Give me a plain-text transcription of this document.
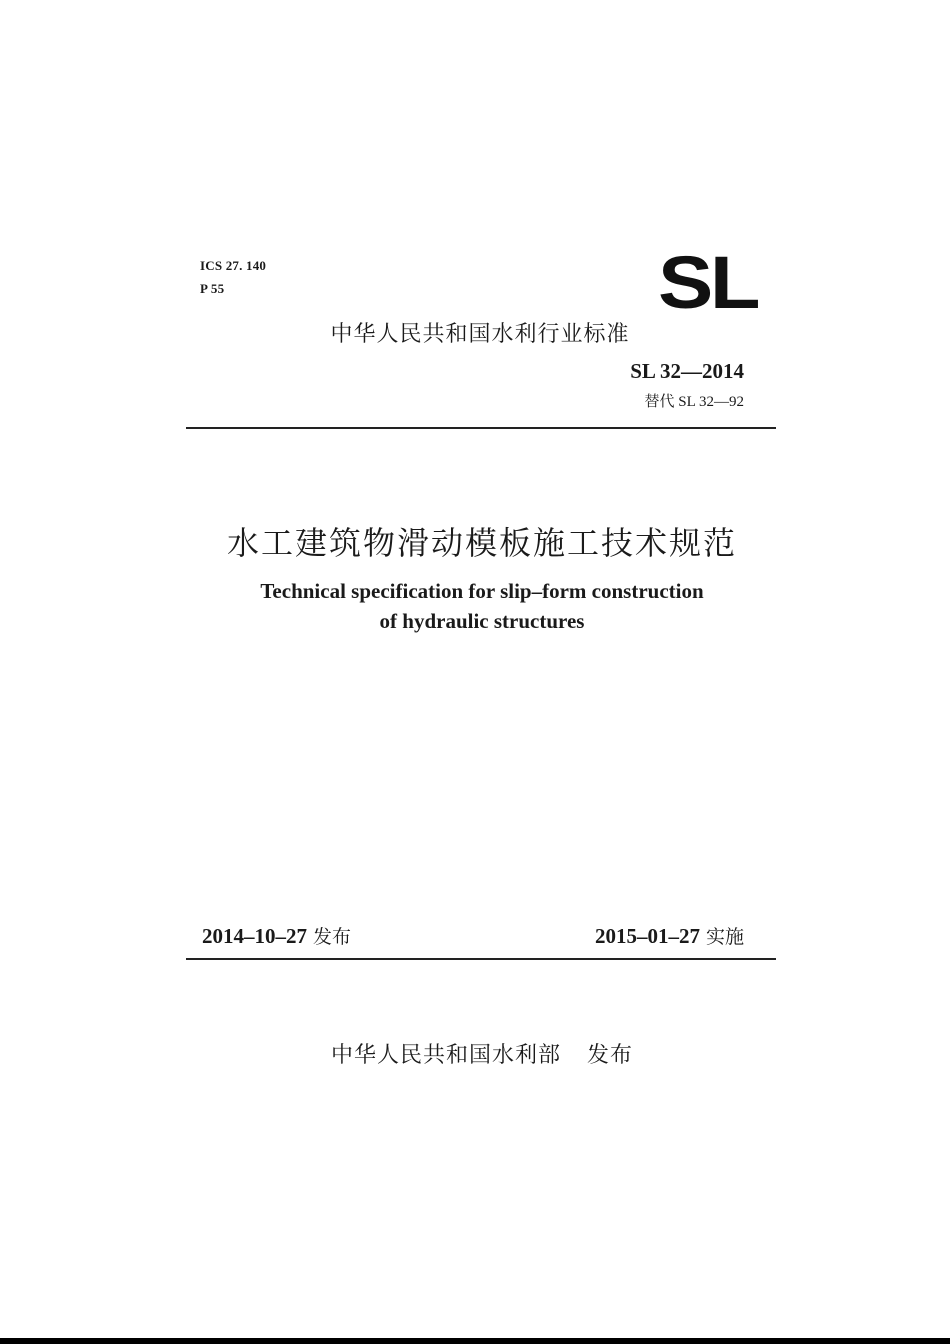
ICS 27. 140
P 55	SL
中华人民共和国水利行业标准
SL 32—2014
替代 SL 32—92
水工建筑物滑动模板施工技术规范
Technical specification for slip–form construction
of hydraulic structures
2014–10–27 发布	2015–01–27 实施
中华人民共和国水利部 发布
